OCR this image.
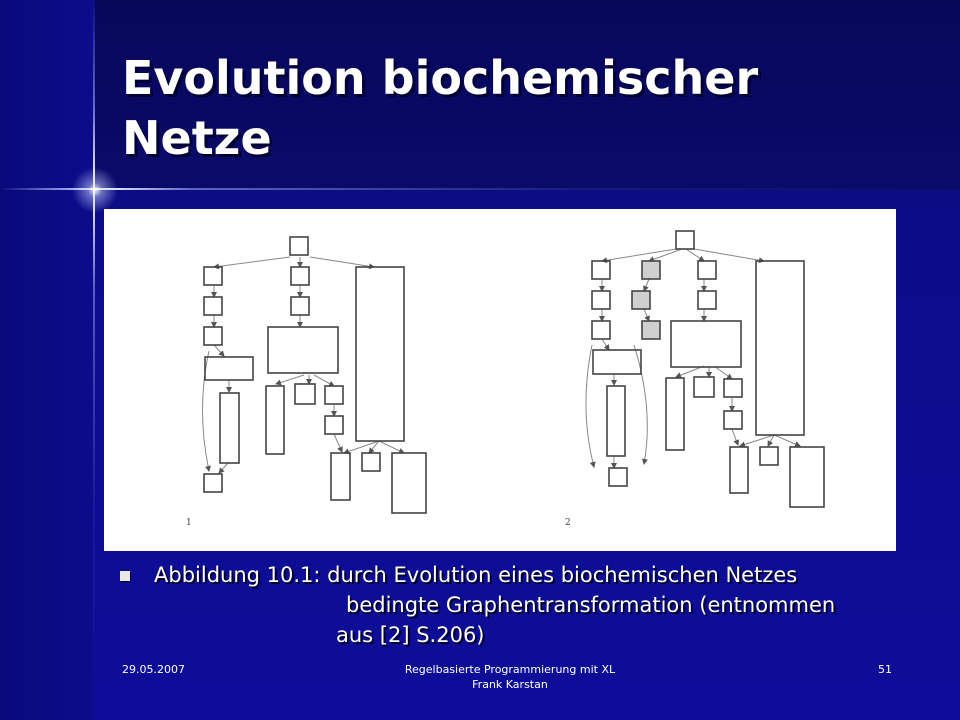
Evolution biochemischer
Netze
1	2
Abbildung 10.1: durch Evolution eines biochemischen Netzes
bedingte Graphentransformation (entnommen
aus [2] S.206)
29.05.2007	Regelbasierte Programmierung mit XL
Frank Karstan
51
